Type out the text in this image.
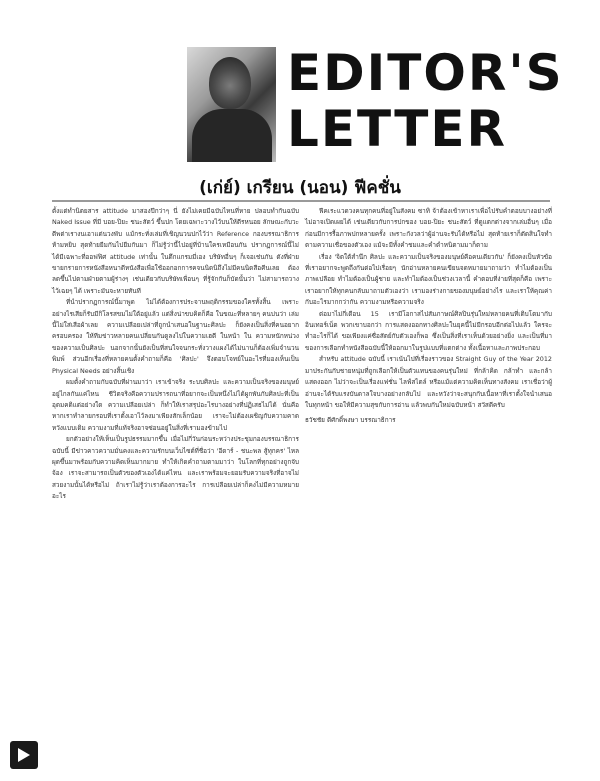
EDITOR'S
LETTER
(เก่ย์) เกรียน (นอน) ฟีคชั่น

ตั้งแต่ทำนิตยสาร attitude มาสองปีกว่าๆ นี่ ยังไม่เคยมีฉบับไหนที่หาย ปลอบทำกันฉบับ Naked Issue ที่มี บอย-ปิยะ ชนะสัตว์ ขึ้นปก โดยเฉพาะวางไว้บนให้ตีรหนอย ลักษณะกับวะตีพต่าเรางนเอาแต่นวงพับ แม้กระทั่งเล่มที่เชิญนวนปกไว้ว่า Reference กองบรรณาธิการ ห้ามหยิบ สุดท้ายยืมกันไปยืมกันมา ก็ไม่รู้ว่านี้ไปอยู่ที่บ้านใครเหมือนกัน ปรากฏการณ์นี้ไม่ได้มีเฉพาะที่ออฟฟิศ attitude เท่านั้น ในตึกแกรมมี่เอง บริษัทอื่นๆ ก็เจอเช่นกัน ดังที่ฝ่ายขายกรายการหนังสือหนาดีหนังสือเพื่อใช้ออกอกการคจนนิดนิถึงไม่มีคนนิดสือคีนเลย ต้องลดขึ้นไปตามฝ่ายตามผู้ร่างๆ เช่นเดียวกับบริษัทเพื่อนๆ ที่รู้จักกันก็บัดนั้นว่า ไม่สามารถวางไว้เฉยๆ ได้ เพราะมันจะหายทันที

ที่นำปรากฏการณ์นี้มาพูด ไม่ได้ต้องการประจานพฤติกรรมของใครทั้งสิ้น เพราะอย่างไรเสียก็รับมีกิโลรสขมไม่ใต้อยู่แล้ว แต่สิ่งน่าขบคิดก็คือ ในขณะที่หลายๆ คนบ่นว่า เล่มนี้ไม่ใส่เสือผ้าเลย ความเปลือยเปล่าที่ถูกนำเสนอในฐานะศิลปะ ก็ยังคงเป็นสิ่งที่คนอยากครอบครอง ให้ทีมข่าวหลายคนเปลี่ยนกันดูลงไปในความเฮตี ในหน้า ใน ความหนักหน่วงของความเป็นศิลปะ นอกจากนั้นยังเป็นที่สนใจจนกระทั่งวางแผงได้ไม่นานก็ต้องเพิ่มจำนวนพิมพ์ ส่วนอีกเรื่องที่หลายคนตั้งคำถามก็คือ 'ศิลปะ' จึงตอบโจทย์ในอะไรที่มองเห็นเป็น Physical Needs อย่างสิ้นเชิง

ผมตั้งคำถามกับฉบับที่ผ่านมาว่า เราเข้าจริง ระบบศิลปะ และความเป็นจริงของมนุษย์อยู่ไกลกันแค่ไหน ชีวิตจริงคือความปรารถนาที่อยากจะเป็นหนึ่งไม่ได้ผูกพันกับศิลปะที่เป็นอุดมคติแต่อย่างใด ความเปลือยเปล่า ก็ทำให้เราสรุปอะไรบางอย่างที่ปฏิเสธไม่ได้ นั่นคือ หากเราทำลายกรอบที่เราตั้งเอาไว้ลงมาเพียงสักเล็กน้อย เราจะไม่ต้องเผชิญกับความคาดหวังแบบเดิม ความงามที่แท้จริงอาจซ่อนอยู่ในสิ่งที่เรามองข้ามไป

ยกตัวอย่างให้เห็นเป็นรูปธรรมมากขึ้น เมื่อไม่กี่วันก่อนระหว่างประชุมกองบรรณาธิการฉบับนี้ มีข่าวคาวความมั่นคงและความรักบนเว็บไซต์ที่ชื่อว่า 'อีดาร์ - ชนะพล สู้ทุกคร' ไหลผุดขึ้นมาพร้อมกับความคิดเห็นมากมาย ทำให้เกิดคำถามตามมาว่า ในโลกที่ทุกอย่างถูกจับจ้อง เราจะสามารถเป็นตัวของตัวเองได้แค่ไหน และเราพร้อมจะยอมรับความจริงที่อาจไม่สวยงามนั้นได้หรือไม่ ถ้าเราไม่รู้ว่าเราต้องการอะไร การเปลือยเปล่าก็คงไม่มีความหมายอะไร

ฟีคเระแวดวงคนทุกคนที่อยู่ในสังคม ซาทิ จ้าต้องเข้าหาเราเพื่อไปรับคำตอบบางอย่างที่ไม่อาจเปิดเผยได้ เช่นเดียวกับการปกของ บอย-ปิยะ ชนะสัตว์ ที่ดูแตกต่างจากเล่มอื่นๆ เมื่อก่อนมีการรื้อภาพปกหลายครั้ง เพราะกังวลว่าผู้อ่านจะรับได้หรือไม่ สุดท้ายเราก็ตัดสินใจทำตามความเชื่อของตัวเอง แม้จะมีทั้งคำชมและคำตำหนิตามมาก็ตาม

เรื่อง 'จิตใต้สำนึก ศิลปะ และความเป็นจริงของมนุษย์คือคนเดียวกัน' ก็ยังคงเป็นหัวข้อที่เราอยากจะพูดถึงกันต่อไปเรื่อยๆ นักอ่านหลายคนเขียนจดหมายมาถามว่า ทำไมต้องเป็นภาพเปลือย ทำไมต้องเป็นผู้ชาย และทำไมต้องเป็นช่วงเวลานี้ คำตอบที่ง่ายที่สุดก็คือ เพราะเราอยากให้ทุกคนกลับมาถามตัวเองว่า เรามองร่างกายของมนุษย์อย่างไร และเราให้คุณค่ากับอะไรมากกว่ากัน ความงามหรือความจริง

ต่อมาไม่กี่เดือน 15 เรามีโอกาสไปสัมภาษณ์ศิลปินรุ่นใหม่หลายคนที่เติบโตมากับอินเทอร์เน็ต พวกเขาบอกว่า การแสดงออกทางศิลปะในยุคนี้ไม่มีกรอบอีกต่อไปแล้ว ใครจะทำอะไรก็ได้ ขอเพียงแค่ซื่อสัตย์กับตัวเองก็พอ ซึ่งเป็นสิ่งที่เราเห็นด้วยอย่างยิ่ง และเป็นที่มาของการเลือกทำหนังสือฉบับนี้ให้ออกมาในรูปแบบที่แตกต่าง ทั้งเนื้อหาและภาพประกอบ

สำหรับ attitude ฉบับนี้ เราเน้นไปที่เรื่องราวของ Straight Guy of the Year 2012 มาประกันกับชายหนุ่มที่ถูกเลือกให้เป็นตัวแทนของคนรุ่นใหม่ ที่กล้าคิด กล้าทำ และกล้าแสดงออก ไม่ว่าจะเป็นเรื่องแฟชั่น ไลฟ์สไตล์ หรือแม้แต่ความคิดเห็นทางสังคม เราเชื่อว่าผู้อ่านจะได้รับแรงบันดาลใจบางอย่างกลับไป และหวังว่าจะสนุกกับเนื้อหาที่เราตั้งใจนำเสนอในทุกหน้า ขอให้มีความสุขกับการอ่าน แล้วพบกันใหม่ฉบับหน้า สวัสดีครับ

ธวัชชัย ตีศักดิ์พงษา บรรณาธิการ
